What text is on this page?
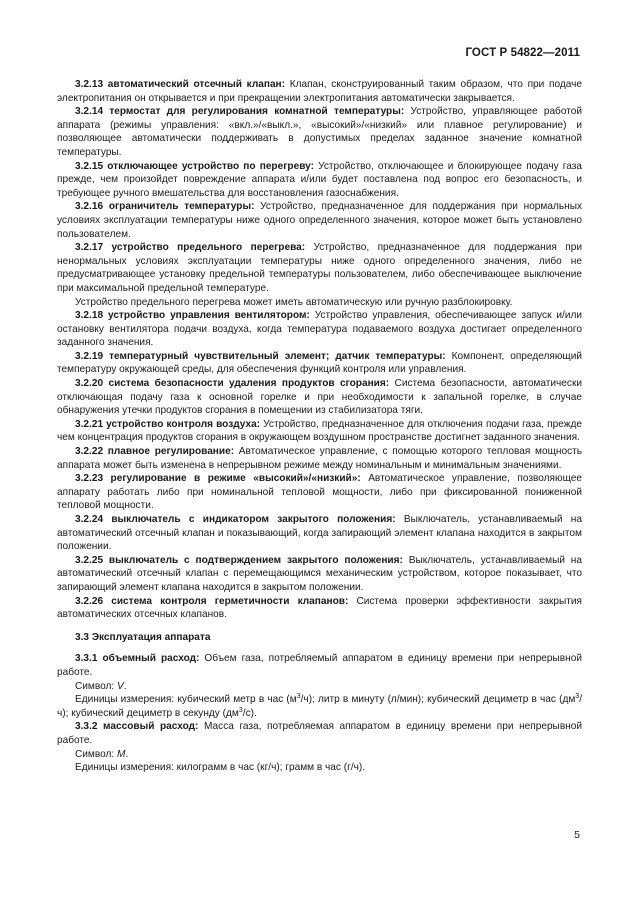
ГОСТ Р 54822—2011

3.2.13 автоматический отсечный клапан: Клапан, сконструированный таким образом, что при подаче электропитания он открывается и при прекращении электропитания автоматически закрывается.

3.2.14 термостат для регулирования комнатной температуры: Устройство, управляющее работой аппарата (режимы управления: «вкл.»/«выкл.», «высокий»/«низкий» или плавное регулирование) и позволяющее автоматически поддерживать в допустимых пределах заданное значение комнатной температуры.

3.2.15 отключающее устройство по перегреву: Устройство, отключающее и блокирующее подачу газа прежде, чем произойдет повреждение аппарата и/или будет поставлена под вопрос его безопасность, и требующее ручного вмешательства для восстановления газоснабжения.

3.2.16 ограничитель температуры: Устройство, предназначенное для поддержания при нормальных условиях эксплуатации температуры ниже одного определенного значения, которое может быть установлено пользователем.

3.2.17 устройство предельного перегрева: Устройство, предназначенное для поддержания при ненормальных условиях эксплуатации температуры ниже одного определенного значения, либо не предусматривающее установку предельной температуры пользователем, либо обеспечивающее выключение при максимальной предельной температуре.

Устройство предельного перегрева может иметь автоматическую или ручную разблокировку.

3.2.18 устройство управления вентилятором: Устройство управления, обеспечивающее запуск и/или остановку вентилятора подачи воздуха, когда температура подаваемого воздуха достигает определенного заданного значения.

3.2.19 температурный чувствительный элемент; датчик температуры: Компонент, определяющий температуру окружающей среды, для обеспечения функций контроля или управления.

3.2.20 система безопасности удаления продуктов сгорания: Система безопасности, автоматически отключающая подачу газа к основной горелке и при необходимости к запальной горелке, в случае обнаружения утечки продуктов сгорания в помещении из стабилизатора тяги.

3.2.21 устройство контроля воздуха: Устройство, предназначенное для отключения подачи газа, прежде чем концентрация продуктов сгорания в окружающем воздушном пространстве достигнет заданного значения.

3.2.22 плавное регулирование: Автоматическое управление, с помощью которого тепловая мощность аппарата может быть изменена в непрерывном режиме между номинальным и минимальным значениями.

3.2.23 регулирование в режиме «высокий»/«низкий»: Автоматическое управление, позволяющее аппарату работать либо при номинальной тепловой мощности, либо при фиксированной пониженной тепловой мощности.

3.2.24 выключатель с индикатором закрытого положения: Выключатель, устанавливаемый на автоматический отсечный клапан и показывающий, когда запирающий элемент клапана находится в закрытом положении.

3.2.25 выключатель с подтверждением закрытого положения: Выключатель, устанавливаемый на автоматический отсечный клапан с перемещающимся механическим устройством, которое показывает, что запирающий элемент клапана находится в закрытом положении.

3.2.26 система контроля герметичности клапанов: Система проверки эффективности закрытия автоматических отсечных клапанов.

3.3 Эксплуатация аппарата

3.3.1 объемный расход: Объем газа, потребляемый аппаратом в единицу времени при непрерывной работе.

Символ: V.

Единицы измерения: кубический метр в час $(м^3/ч)$; литр в минуту (л/мин); кубический дециметр в час $(дм^3/ч)$; кубический дециметр в секунду $(дм^3/с)$.

3.3.2 массовый расход: Масса газа, потребляемая аппаратом в единицу времени при непрерывной работе.

Символ: M.

Единицы измерения: килограмм в час (кг/ч); грамм в час (г/ч).

5
